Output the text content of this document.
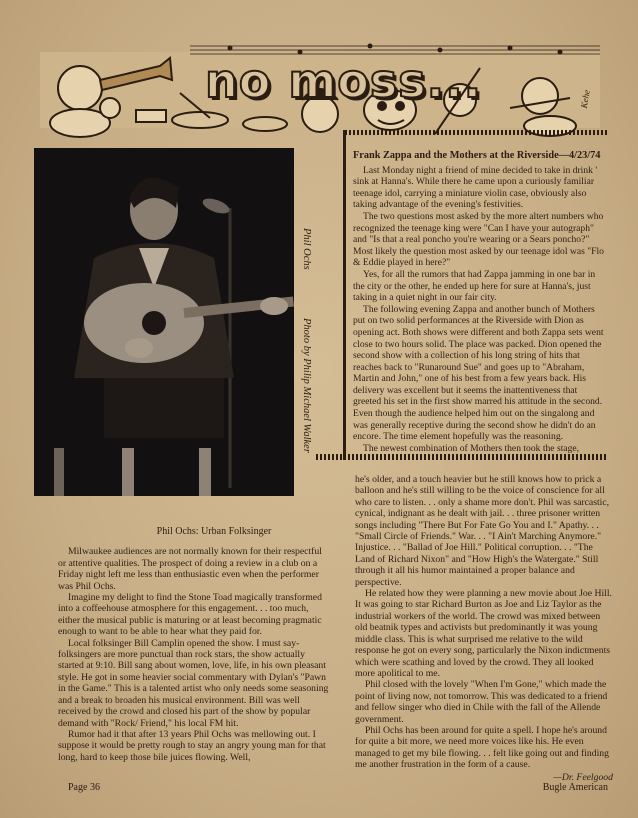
no moss...	Kehe
Phil Ochs
Photo by Philip Michael Walker
Frank Zappa and the Mothers at the Riverside—4/23/74

Last Monday night a friend of mine decided to take in drink ' sink at Hanna's. While there he came upon a curiously familiar teenage idol, carrying a miniature violin case, obviously also taking advantage of the evening's festivities.

The two questions most asked by the more altert numbers who recognized the teenage king were "Can I have your autograph" and "Is that a real poncho you're wearing or a Sears poncho?" Most likely the question most asked by our teenage idol was "Flo & Eddie played in here?"

Yes, for all the rumors that had Zappa jamming in one bar in the city or the other, he ended up here for sure at Hanna's, just taking in a quiet night in our fair city.

The following evening Zappa and another bunch of Mothers put on two solid performances at the Riverside with Dion as opening act. Both shows were different and both Zappa sets went close to two hours solid. The place was packed. Dion opened the second show with a collection of his long string of hits that reaches back to "Runaround Sue" and goes up to "Abraham, Martin and John," one of his best from a few years back. His delivery was excellent but it seems the inattentiveness that greeted his set in the first show marred his attitude in the second. Even though the audience helped him out on the singalong and was generally receptive during the second show he didn't do an encore. The time element hopefully was the reasoning.

The newest combination of Mothers then took the stage,

Phil Ochs: Urban Folksinger

Milwaukee audiences are not normally known for their respectful or attentive qualities. The prospect of doing a review in a club on a Friday night left me less than enthusiastic even when the performer was Phil Ochs.

Imagine my delight to find the Stone Toad magically transformed into a coffeehouse atmosphere for this engagement. . . too much, either the musical public is maturing or at least becoming pragmatic enough to want to be able to hear what they paid for.

Local folksinger Bill Camplin opened the show. I must say-folksingers are more punctual than rock stars, the show actually started at 9:10. Bill sang about women, love, life, in his own pleasant style. He got in some heavier social commentary with Dylan's "Pawn in the Game." This is a talented artist who only needs some seasoning and a break to broaden his musical environment. Bill was well received by the crowd and closed his part of the show by popular demand with "Rock/ Friend," his local FM hit.

Rumor had it that after 13 years Phil Ochs was mellowing out. I suppose it would be pretty rough to stay an angry young man for that long, hard to keep those bile juices flowing. Well,

he's older, and a touch heavier but he still knows how to prick a balloon and he's still willing to be the voice of conscience for all who care to listen. . . only a shame more don't. Phil was sarcastic, cynical, indignant as he dealt with jail. . . three prisoner written songs including "There But For Fate Go You and I." Apathy. . . "Small Circle of Friends." War. . . "I Ain't Marching Anymore." Injustice. . . "Ballad of Joe Hill." Political corruption. . . "The Land of Richard Nixon" and "How High's the Watergate." Still through it all his humor maintained a proper balance and perspective.

He related how they were planning a new movie about Joe Hill. It was going to star Richard Burton as Joe and Liz Taylor as the industrial workers of the world. The crowd was mixed between old beatnik types and activists but predominantly it was young middle class. This is what surprised me relative to the wild response he got on every song, particularly the Nixon indictments which were scathing and loved by the crowd. They all looked more apolitical to me.

Phil closed with the lovely "When I'm Gone," which made the point of living now, not tomorrow. This was dedicated to a friend and fellow singer who died in Chile with the fall of the Allende government.

Phil Ochs has been around for quite a spell. I hope he's around for quite a bit more, we need more voices like his. He even managed to get my bile flowing. . . felt like going out and finding me another frustration in the form of a cause.

—Dr. Feelgood
Page 36	Bugle American
